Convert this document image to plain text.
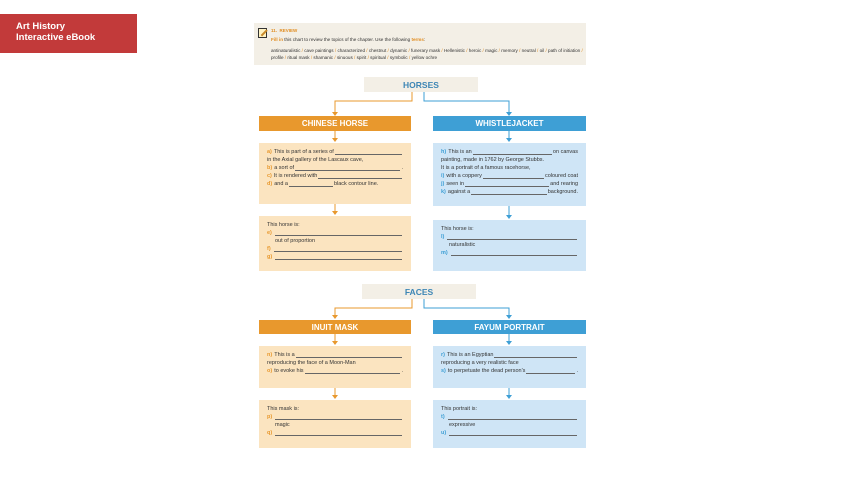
Art History
Interactive eBook
11. REVIEW
Fill in this chart to review the topics of the chapter. Use the following terms:
antinaturalistic / cave paintings / characterized / chestnut / dynamic / funerary mask / Hellenistic / heroic / magic / memory / neutral / oil / path of initiation / profile / ritual mask / shamanic / sinuous / spirit / spiritual / symbolic / yellow ochre
HORSES
CHINESE HORSE	WHISTLEJACKET
a) This is part of a series of
in the Axial gallery of the Lascaux cave,
b) a sort of	.
c) It is rendered with
d) and a	black contour line.
h) This is an	on canvas
painting, made in 1762 by George Stubbs.
It is a portrait of a famous racehorse,
i) with a coppery	coloured coat
j) seen in	and rearing
k) against a	background.
This horse is:
e)
out of proportion
f)
g)
This horse is:
l)
naturalistic
m)
FACES
INUIT MASK	FAYUM PORTRAIT
n) This is a
reproducing the face of a Moon-Man
o) to evoke his	.
r) This is an Egyptian
reproducing a very realistic face
s) to perpetuate the dead person's	.
This mask is:
p)
magic
q)
This portrait is:
t)
expressive
u)
